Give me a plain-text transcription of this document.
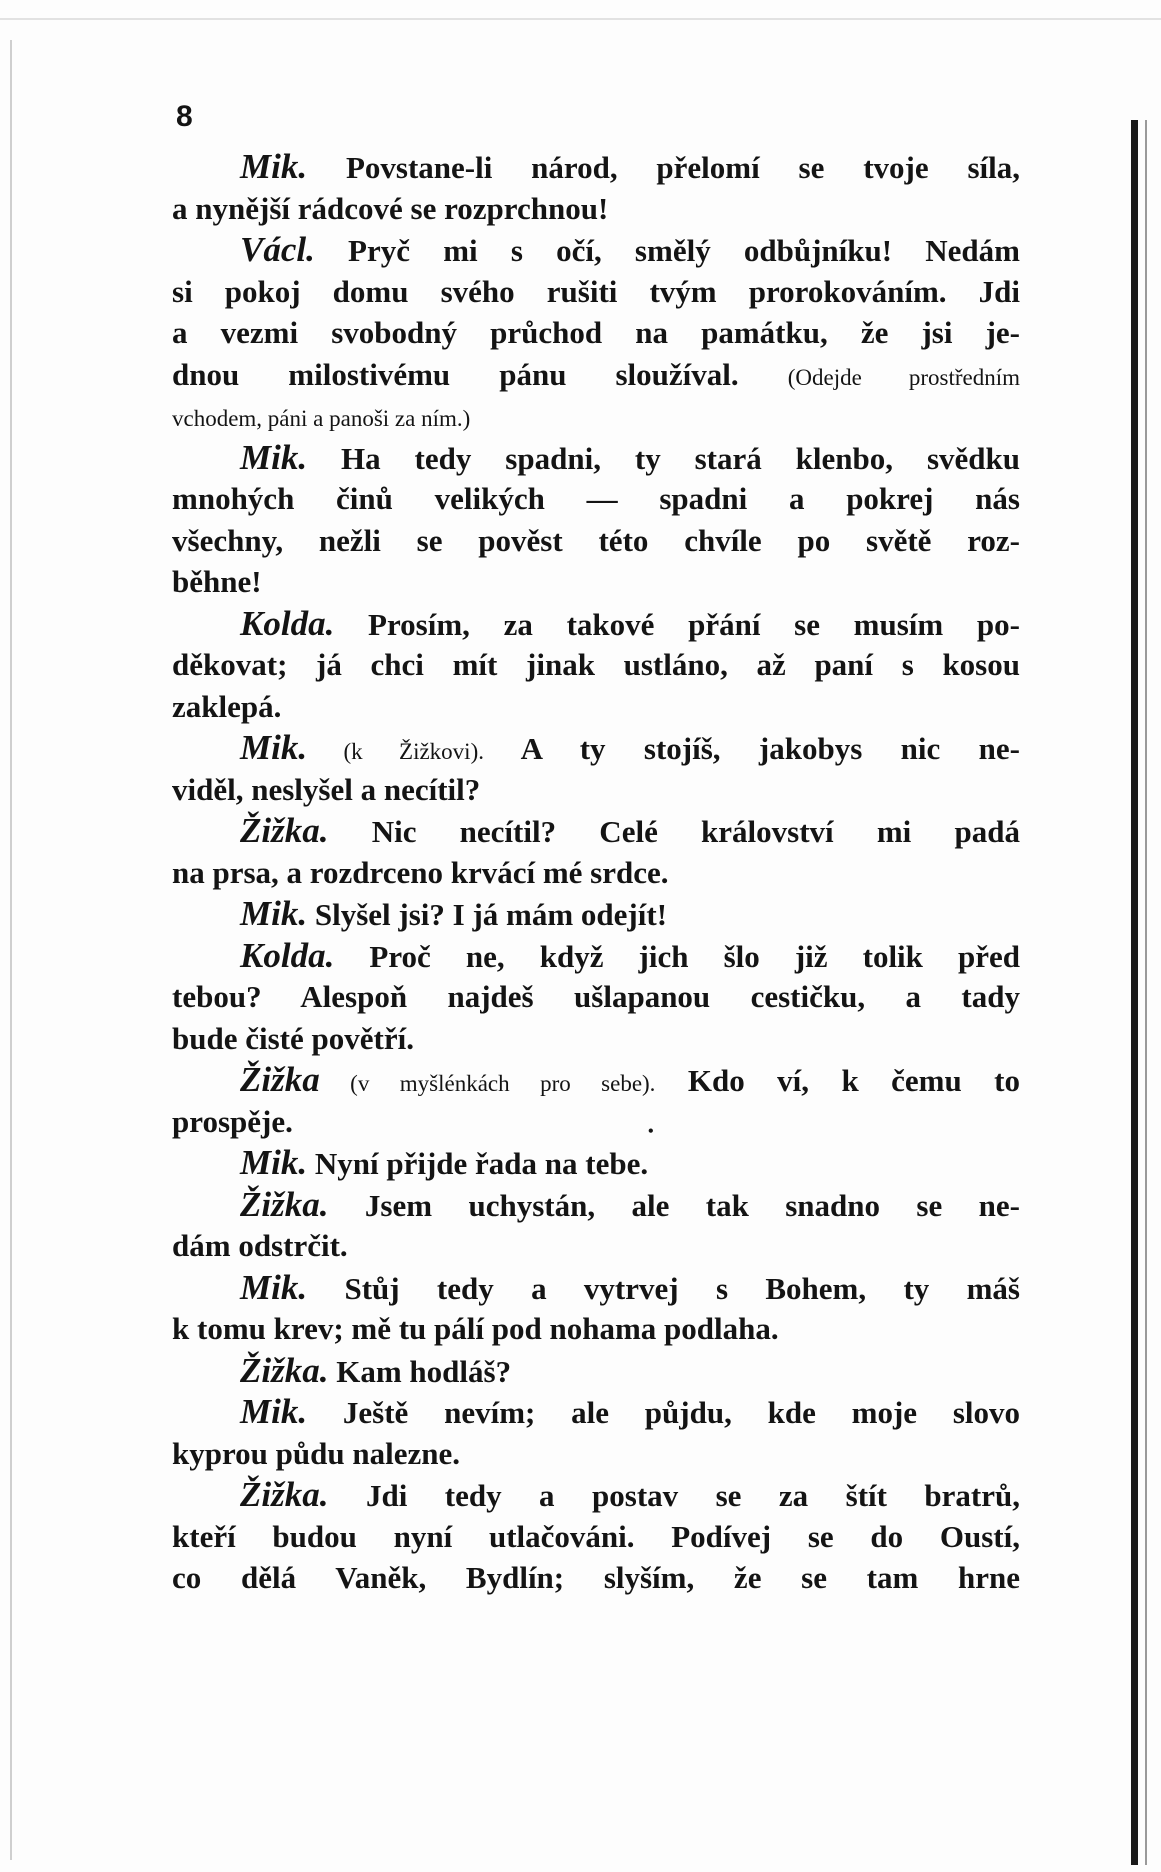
8
Mik. Povstane-li národ, přelomí se tvoje síla,
a nynější rádcové se rozprchnou!
Václ. Pryč mi s očí, smělý odbůjníku! Nedám
si pokoj domu svého rušiti tvým prorokováním. Jdi
a vezmi svobodný průchod na památku, že jsi je-
dnou milostivému pánu sloužíval. (Odejde prostředním
vchodem, páni a panoši za ním.)
Mik. Ha tedy spadni, ty stará klenbo, svědku
mnohých činů velikých — spadni a pokrej nás
všechny, nežli se pověst této chvíle po světě roz-
běhne!
Kolda. Prosím, za takové přání se musím po-
děkovat; já chci mít jinak ustláno, až paní s kosou
zaklepá.
Mik. (k Žižkovi). A ty stojíš, jakobys nic ne-
viděl, neslyšel a necítil?
Žižka. Nic necítil? Celé království mi padá
na prsa, a rozdrceno krvácí mé srdce.
Mik. Slyšel jsi? I já mám odejít!
Kolda. Proč ne, když jich šlo již tolik před
tebou? Alespoň najdeš ušlapanou cestičku, a tady
bude čisté povětří.
Žižka (v myšlénkách pro sebe). Kdo ví, k čemu to
prospěje.
Mik. Nyní přijde řada na tebe.
Žižka. Jsem uchystán, ale tak snadno se ne-
dám odstrčit.
Mik. Stůj tedy a vytrvej s Bohem, ty máš
k tomu krev; mě tu pálí pod nohama podlaha.
Žižka. Kam hodláš?
Mik. Ještě nevím; ale půjdu, kde moje slovo
kyprou půdu nalezne.
Žižka. Jdi tedy a postav se za štít bratrů,
kteří budou nyní utlačováni. Podívej se do Oustí,
co dělá Vaněk, Bydlín; slyším, že se tam hrne
•
